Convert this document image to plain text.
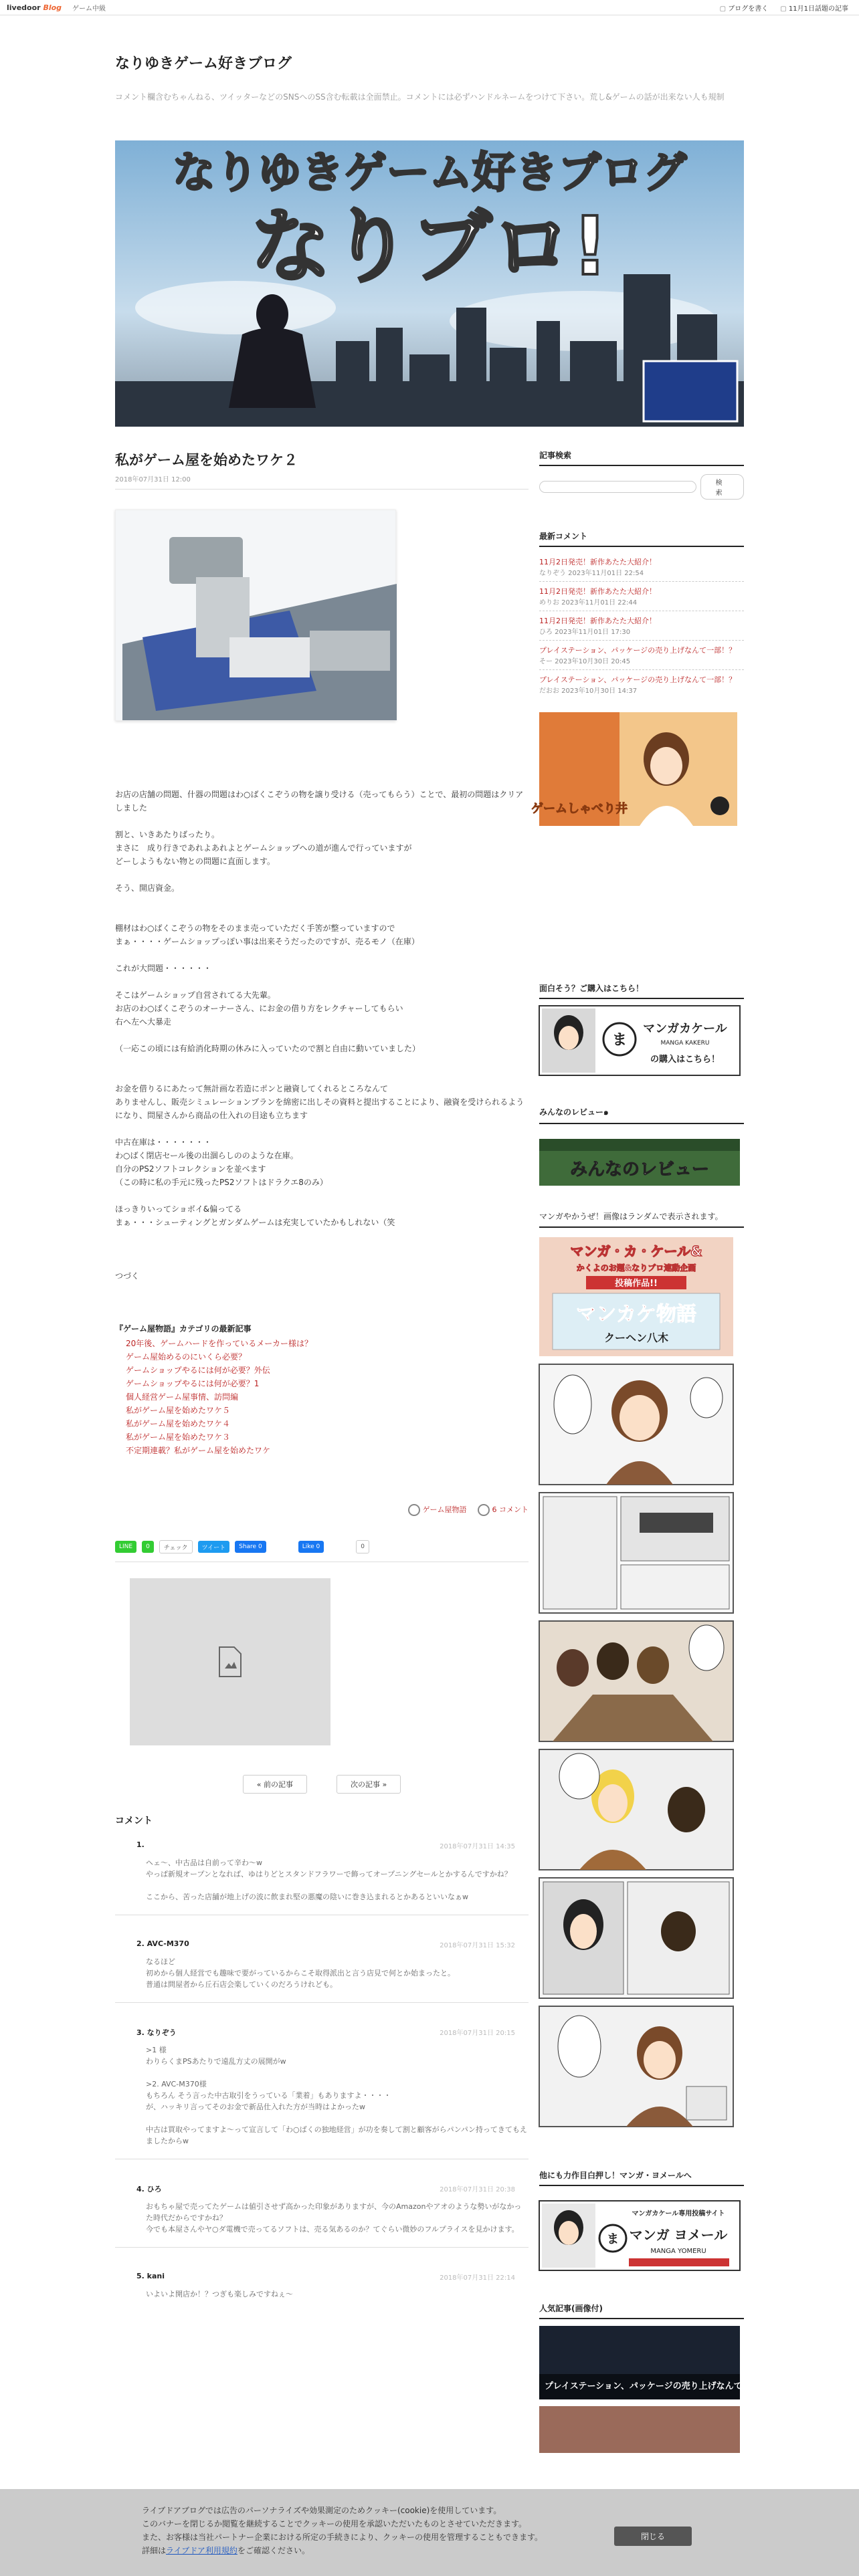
livedoor Blog ゲーム中級	▢ ブログを書く	▢ 11月1日話題の記事
なりゆきゲーム好きブログ
コメント欄含むちゃんねる、ツイッターなどのSNSへのSS含む転載は全面禁止。コメントには必ずハンドルネームをつけて下さい。荒し&ゲームの話が出来ない人も規制
なりゆきゲーム好きブログ
なりブロ!
私がゲーム屋を始めたワケ２
2018年07月31日 12:00
お店の店舗の問題、什器の問題はわ○ばくこぞうの物を譲り受ける（売ってもらう）ことで、最初の問題はクリアしました

割と、いきあたりばったり。
まさに　成り行きであれよあれよとゲームショップへの道が進んで行っていますが
どーしようもない物との問題に直面します。

そう、開店資金。

棚材はわ○ばくこぞうの物をそのまま売っていただく手筈が整っていますので
まぁ・・・・ゲームショップっぽい事は出来そうだったのですが、売るモノ（在庫）

これが大問題・・・・・・

そこはゲームショップ自営されてる大先輩。
お店のわ○ばくこぞうのオーナーさん、にお金の借り方をレクチャーしてもらい
右へ左へ大暴走

（一応この頃には有給消化時期の休みに入っていたので割と自由に動いていました）

お金を借りるにあたって無計画な若造にポンと融資してくれるところなんて
ありませんし、販売シミュレーションプランを綿密に出しその資料と提出することにより、融資を受けられるようになり、問屋さんから商品の仕入れの目途も立ちます

中古在庫は・・・・・・・
わ○ばく閉店セール後の出涸らしののような在庫。
自分のPS2ソフトコレクションを並べます
（この時に私の手元に残ったPS2ソフトはドラクエ8のみ）

ほっきりいってショボイ&偏ってる
まぁ・・・シューティングとガンダムゲームは充実していたかもしれない（笑

つづく
『ゲーム屋物語』カテゴリの最新記事
20年後、ゲームハードを作っているメーカー様は？
ゲーム屋始めるのにいくら必要？
ゲームショップやるには何が必要？外伝
ゲームショップやるには何が必要？1
個人経営ゲーム屋事情、訪問編
私がゲーム屋を始めたワケ５
私がゲーム屋を始めたワケ４
私がゲーム屋を始めたワケ３
不定期連載？私がゲーム屋を始めたワケ
ゲーム屋物語	6 コメント
LINE	0	チェック	ツイート	Share 0	Like 0	0
« 前の記事	次の記事 »
コメント
1.	2018年07月31日 14:35
ヘェ〜、中古品は自前って辛わ〜w
やっぱ新規オープンとなれば、ゆはりどとスタンドフラワーで飾ってオープニングセールとかするんですかね？

ここから、苦った店舗が地上げの波に飲まれ堅の悪魔の陰いに巻き込まれるとかあるといいなぁw
2. AVC-M370	2018年07月31日 15:32
なるほど
初めから個人経営でも趣味で要がっているからこそ取得派出と言う店見で何とか始まったと。
普通は問屋者から丘石店会楽していくのだろうけれども。
3. なりぞう	2018年07月31日 20:15
>1 様
わりらくまPSあたりで遠乱方丈の展開がw

>2. AVC-M370様
もちろん そう言った中古取引をうっている「業着」もありますよ・・・・
が、ハッキリ言ってそのお金で新品仕入れた方が当時はよかったw

中古は買取やってますよ〜って宣言して「わ○ばくの独地経営」が功を奏して割と顧客がらパンパン持ってきてもえましたからw
4. ひろ	2018年07月31日 20:38
おもちゃ屋で売ってたゲームは値引させず高かった印象がありますが、今のAmazonやアオのような勢いがなかった時代だからですかね？
今でも本屋さんやヤ○ダ電機で売ってるソフトは、売る気あるのか？てぐらい微妙のフルプライスを見かけます。
5. kani	2018年07月31日 22:14
いよいよ開店か！？つぎも楽しみですねぇ〜
記事検索
検索
最新コメント
11月2日発売！新作あたた大紹介！
なりぞう 2023年11月01日 22:54
11月2日発売！新作あたた大紹介！
めりお 2023年11月01日 22:44
11月2日発売！新作あたた大紹介！
ひろ 2023年11月01日 17:30
プレイステーション、パッケージの売り上げなんて一部！？
そー 2023年10月30日 20:45
プレイステーション、パッケージの売り上げなんて一部！？
だおお 2023年10月30日 14:37
ゲームしゃべり井
面白そう？ご購入はこちら！
ま
マンガカケール
MANGA KAKERU
の購入はこちら！
みんなのレビュー๑
みんなのレビュー
マンガやかうぜ！画像はランダムで表示されます。
マンガ・カ・ケール&
かくよのお題&なりブロ連動企画
投稿作品!!
マンカケ物語
クーヘン八木
他にも力作目白押し！マンガ・ヨメールへ
ま
マンガカケール専用投稿サイト
マンガ ヨメール
MANGA YOMERU
人気記事(画像付)
プレイステーション、パッケージの売り上げなんて一部！？
ライブドアブログでは広告のパーソナライズや効果測定のためクッキー(cookie)を使用しています。
このバナーを閉じるか閲覧を継続することでクッキーの使用を承認いただいたものとさせていただきます。
また、お客様は当社パートナー企業における所定の手続きにより、クッキーの使用を管理することもできます。
詳細はライブドア利用規約をご確認ください。
閉じる
